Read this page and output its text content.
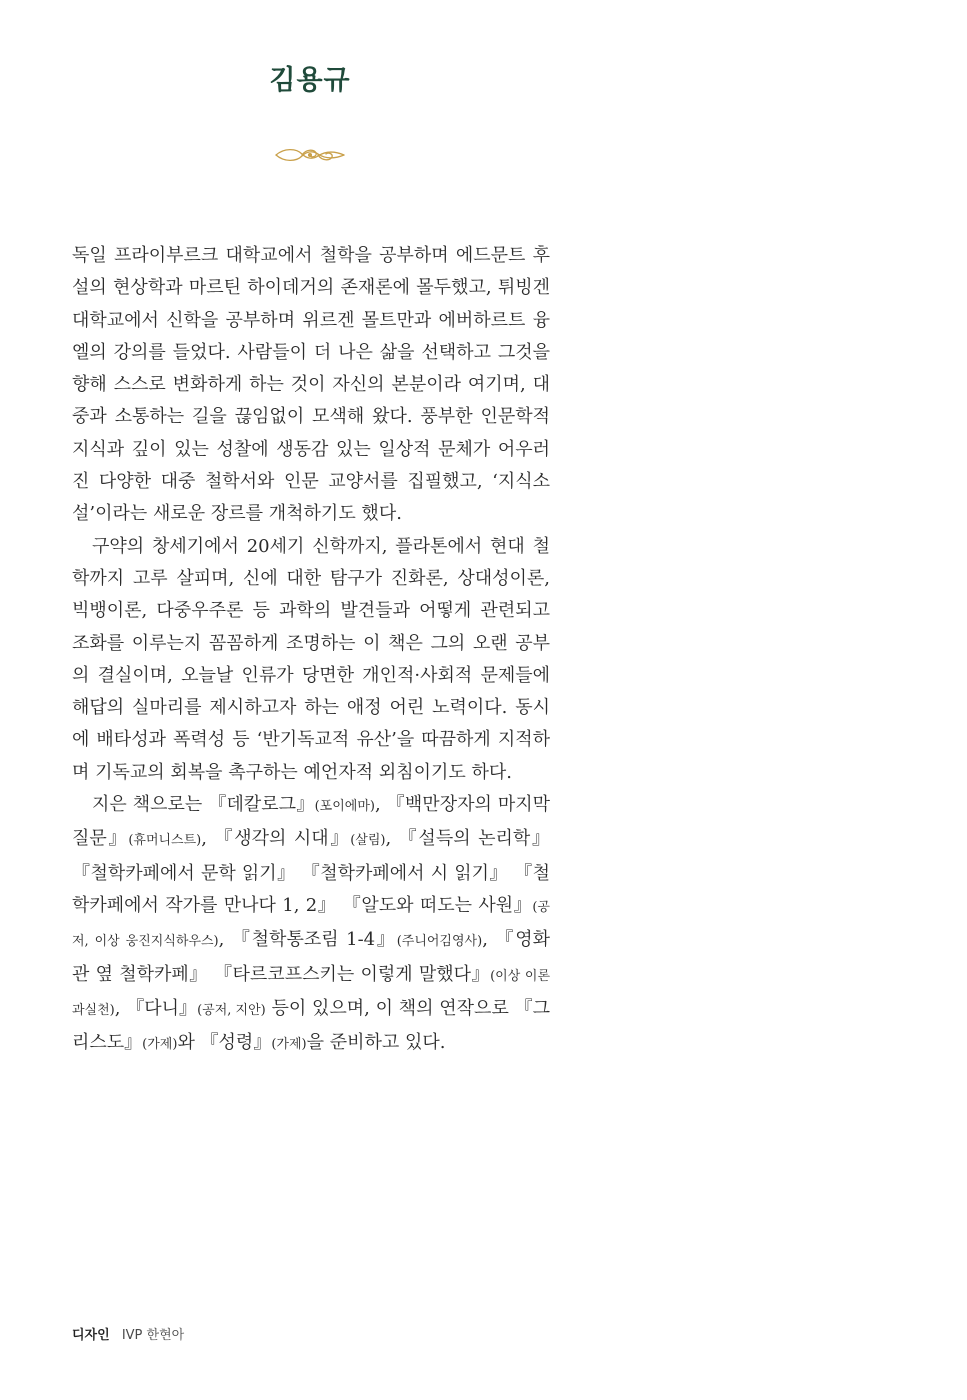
김용규

독일 프라이부르크 대학교에서 철학을 공부하며 에드문트 후설의 현상학과 마르틴 하이데거의 존재론에 몰두했고, 튀빙겐 대학교에서 신학을 공부하며 위르겐 몰트만과 에버하르트 융엘의 강의를 들었다. 사람들이 더 나은 삶을 선택하고 그것을 향해 스스로 변화하게 하는 것이 자신의 본분이라 여기며, 대중과 소통하는 길을 끊임없이 모색해 왔다. 풍부한 인문학적 지식과 깊이 있는 성찰에 생동감 있는 일상적 문체가 어우러진 다양한 대중 철학서와 인문 교양서를 집필했고, ‘지식소설’이라는 새로운 장르를 개척하기도 했다.

구약의 창세기에서 20세기 신학까지, 플라톤에서 현대 철학까지 고루 살피며, 신에 대한 탐구가 진화론, 상대성이론, 빅뱅이론, 다중우주론 등 과학의 발견들과 어떻게 관련되고 조화를 이루는지 꼼꼼하게 조명하는 이 책은 그의 오랜 공부의 결실이며, 오늘날 인류가 당면한 개인적·사회적 문제들에 해답의 실마리를 제시하고자 하는 애정 어린 노력이다. 동시에 배타성과 폭력성 등 ‘반기독교적 유산’을 따끔하게 지적하며 기독교의 회복을 촉구하는 예언자적 외침이기도 하다.

지은 책으로는 『데칼로그』(포이에마), 『백만장자의 마지막 질문』(휴머니스트), 『생각의 시대』(살림), 『설득의 논리학』 『철학카페에서 문학 읽기』 『철학카페에서 시 읽기』 『철학카페에서 작가를 만나다 1, 2』 『알도와 떠도는 사원』(공저, 이상 웅진지식하우스), 『철학통조림 1-4』(주니어김영사), 『영화관 옆 철학카페』 『타르코프스키는 이렇게 말했다』(이상 이론과실천), 『다니』(공저, 지안) 등이 있으며, 이 책의 연작으로 『그리스도』(가제)와 『성령』(가제)을 준비하고 있다.

디자인 IVP 한현아
